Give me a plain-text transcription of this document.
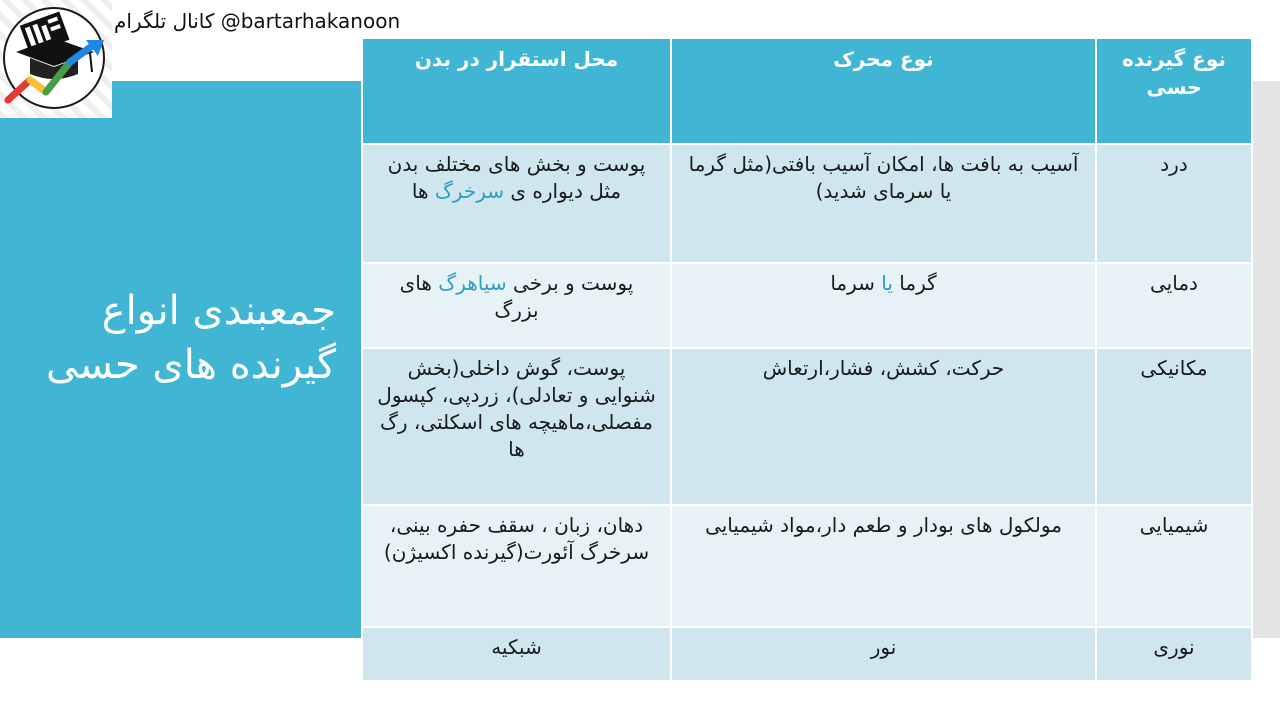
کانال تلگرام @bartarhakanoon
جمعبندی انواع گیرنده های حسی
نوع گیرنده حسی	نوع محرک	محل استقرار در بدن
درد	آسیب به بافت ها، امکان آسیب بافتی(مثل گرما یا سرمای شدید)	پوست و بخش های مختلف بدن مثل دیواره ی سرخرگ ها
دمایی	گرما یا سرما	پوست و برخی سیاهرگ های بزرگ
مکانیکی	حرکت، کشش، فشار،ارتعاش	پوست، گوش داخلی(بخش شنوایی و تعادلی)، زردپی، کپسول مفصلی،ماهیچه های اسکلتی، رگ ها
شیمیایی	مولکول های بودار و طعم دار،مواد شیمیایی	دهان، زبان ، سقف حفره بینی، سرخرگ آئورت(گیرنده اکسیژن)
نوری	نور	شبکیه
